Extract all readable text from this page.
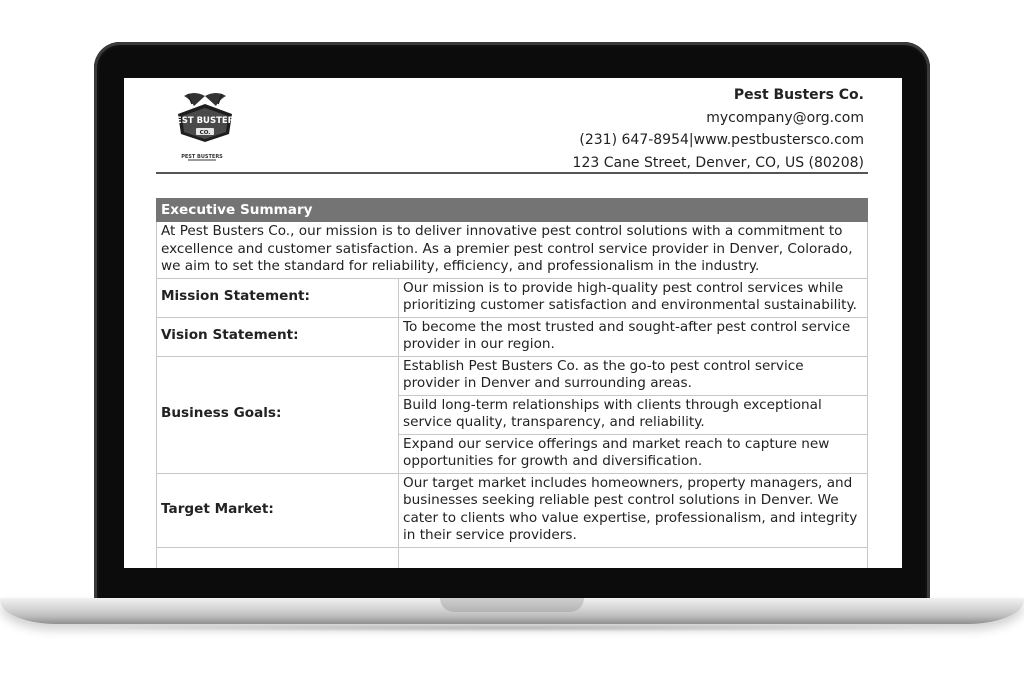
PEST BUSTERS
CO.
PEST BUSTERS
Pest Busters Co.
mycompany@org.com
(231) 647-8954|www.pestbustersco.com
123 Cane Street, Denver, CO, US (80208)
Executive Summary	
At Pest Busters Co., our mission is to deliver innovative pest control solutions with a commitment to excellence and customer satisfaction. As a premier pest control service provider in Denver, Colorado, we aim to set the standard for reliability, efficiency, and professionalism in the industry.	
Mission Statement:	Our mission is to provide high-quality pest control services while prioritizing customer satisfaction and environmental sustainability.
Vision Statement:	To become the most trusted and sought-after pest control service provider in our region.
Business Goals:	Establish Pest Busters Co. as the go-to pest control service provider in Denver and surrounding areas.
	Build long-term relationships with clients through exceptional service quality, transparency, and reliability.
	Expand our service offerings and market reach to capture new opportunities for growth and diversification.
Target Market:	Our target market includes homeowners, property managers, and businesses seeking reliable pest control solutions in Denver. We cater to clients who value expertise, professionalism, and integrity in their service providers.
